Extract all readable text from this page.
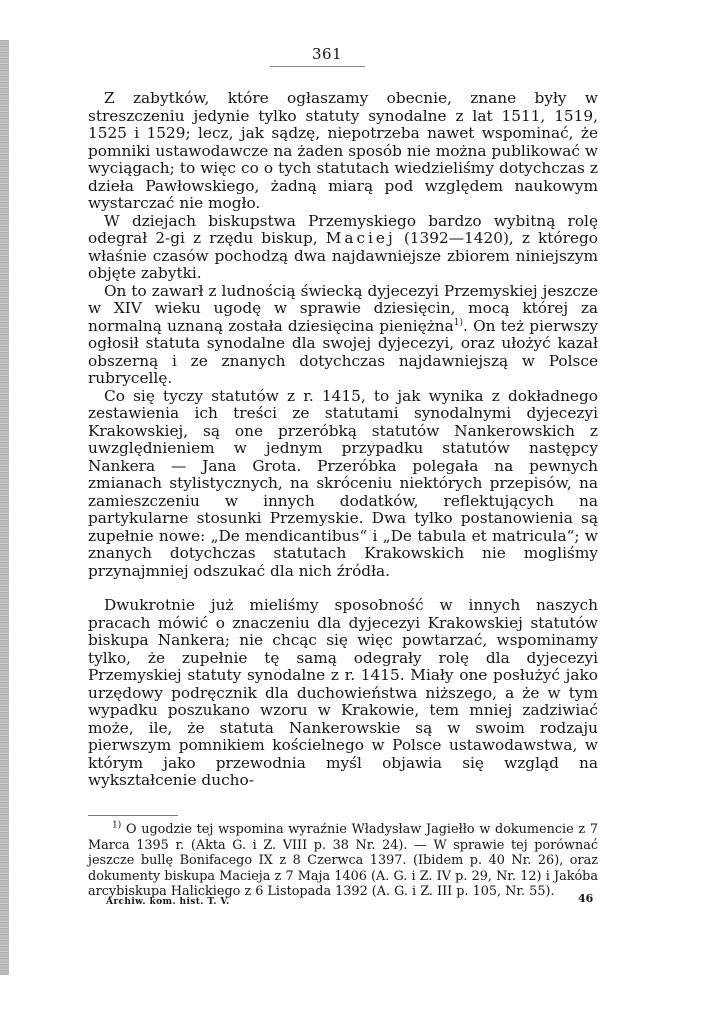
361

Z zabytków, które ogłaszamy obecnie, znane były w streszczeniu jedynie tylko statuty synodalne z lat 1511, 1519, 1525 i 1529; lecz, jak sądzę, niepotrzeba nawet wspominać, że pomniki ustawodawcze na żaden sposób nie można publikować w wyciągach; to więc co o tych statutach wiedzieliśmy dotychczas z dzieła Pawłowskiego, żadną miarą pod względem naukowym wystarczać nie mogło.

W dziejach biskupstwa Przemyskiego bardzo wybitną rolę odegrał 2-gi z rzędu biskup, Maciej (1392—1420), z którego właśnie czasów pochodzą dwa najdawniejsze zbiorem niniejszym objęte zabytki.

On to zawarł z ludnością świecką dyjecezyi Przemyskiej jeszcze w XIV wieku ugodę w sprawie dziesięcin, mocą której za normalną uznaną została dziesięcina pieniężna$^{1)}$. On też pierwszy ogłosił statuta synodalne dla swojej dyjecezyi, oraz ułożyć kazał obszerną i ze znanych dotychczas najdawniejszą w Polsce rubrycellę.

Co się tyczy statutów z r. 1415, to jak wynika z dokładnego zestawienia ich treści ze statutami synodalnymi dyjecezyi Krakowskiej, są one przeróbką statutów Nankerowskich z uwzględnieniem w jednym przypadku statutów następcy Nankera — Jana Grota. Przeróbka polegała na pewnych zmianach stylistycznych, na skróceniu niektórych przepisów, na zamieszczeniu w innych dodatków, reflektujących na partykularne stosunki Przemyskie. Dwa tylko postanowienia są zupełnie nowe: „De mendicantibus“ i „De tabula et matricula“; w znanych dotychczas statutach Krakowskich nie mogliśmy przynajmniej odszukać dla nich źródła.

Dwukrotnie już mieliśmy sposobność w innych naszych pracach mówić o znaczeniu dla dyjecezyi Krakowskiej statutów biskupa Nankera; nie chcąc się więc powtarzać, wspominamy tylko, że zupełnie tę samą odegrały rolę dla dyjecezyi Przemyskiej statuty synodalne z r. 1415. Miały one posłużyć jako urzędowy podręcznik dla duchowieństwa niższego, a że w tym wypadku poszukano wzoru w Krakowie, tem mniej zadziwiać może, ile, że statuta Nankerowskie są w swoim rodzaju pierwszym pomnikiem kościelnego w Polsce ustawodawstwa, w którym jako przewodnia myśl objawia się wzgląd na wykształcenie ducho-

$^{1)}$ O ugodzie tej wspomina wyraźnie Władysław Jagiełło w dokumencie z 7 Marca 1395 r. (Akta G. i Z. VIII p. 38 Nr. 24). — W sprawie tej porównać jeszcze bullę Bonifacego IX z 8 Czerwca 1397. (Ibidem p. 40 Nr. 26), oraz dokumenty biskupa Macieja z 7 Maja 1406 (A. G. i Z. IV p. 29, Nr. 12) i Jakóba arcybiskupa Halickiego z 6 Listopada 1392 (A. G. i Z. III p. 105, Nr. 55).
Archiw. kom. hist. T. V.	46
